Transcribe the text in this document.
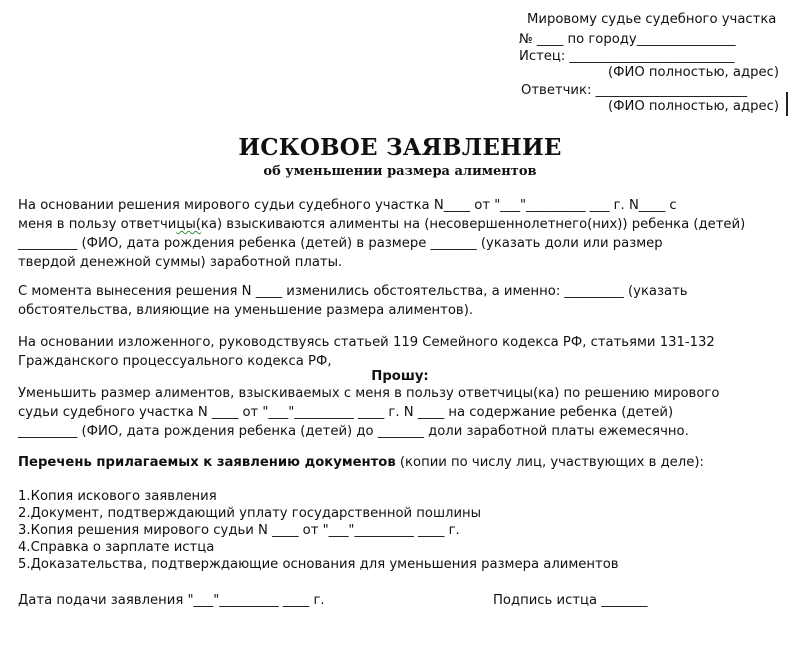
Мировому судье судебного участка
№ ____ по городу_______________
Истец: _________________________
(ФИО полностью, адрес)
Ответчик: _______________________
(ФИО полностью, адрес)
ИСКОВОЕ ЗАЯВЛЕНИЕ
об уменьшении размера алиментов
На основании решения мирового судьи судебного участка N____ от "___"_________ ___ г. N____ с
меня в пользу ответчицы(ка) взыскиваются алименты на (несовершеннолетнего(них)) ребенка (детей)
_________ (ФИО, дата рождения ребенка (детей) в размере _______ (указать доли или размер
твердой денежной суммы) заработной платы.
С момента вынесения решения N ____ изменились обстоятельства, а именно: _________ (указать
обстоятельства, влияющие на уменьшение размера алиментов).
На основании изложенного, руководствуясь статьей 119 Семейного кодекса РФ, статьями 131-132
Гражданского процессуального кодекса РФ,
Прошу:
Уменьшить размер алиментов, взыскиваемых с меня в пользу ответчицы(ка) по решению мирового
судьи судебного участка N ____ от "___"_________ ____ г. N ____ на содержание ребенка (детей)
_________ (ФИО, дата рождения ребенка (детей) до _______ доли заработной платы ежемесячно.
Перечень прилагаемых к заявлению документов (копии по числу лиц, участвующих в деле):
1.Копия искового заявления
2.Документ, подтверждающий уплату государственной пошлины
3.Копия решения мирового судьи N ____ от "___"_________ ____ г.
4.Справка о зарплате истца
5.Доказательства, подтверждающие основания для уменьшения размера алиментов
Дата подачи заявления "___"_________ ____ г.	Подпись истца _______
